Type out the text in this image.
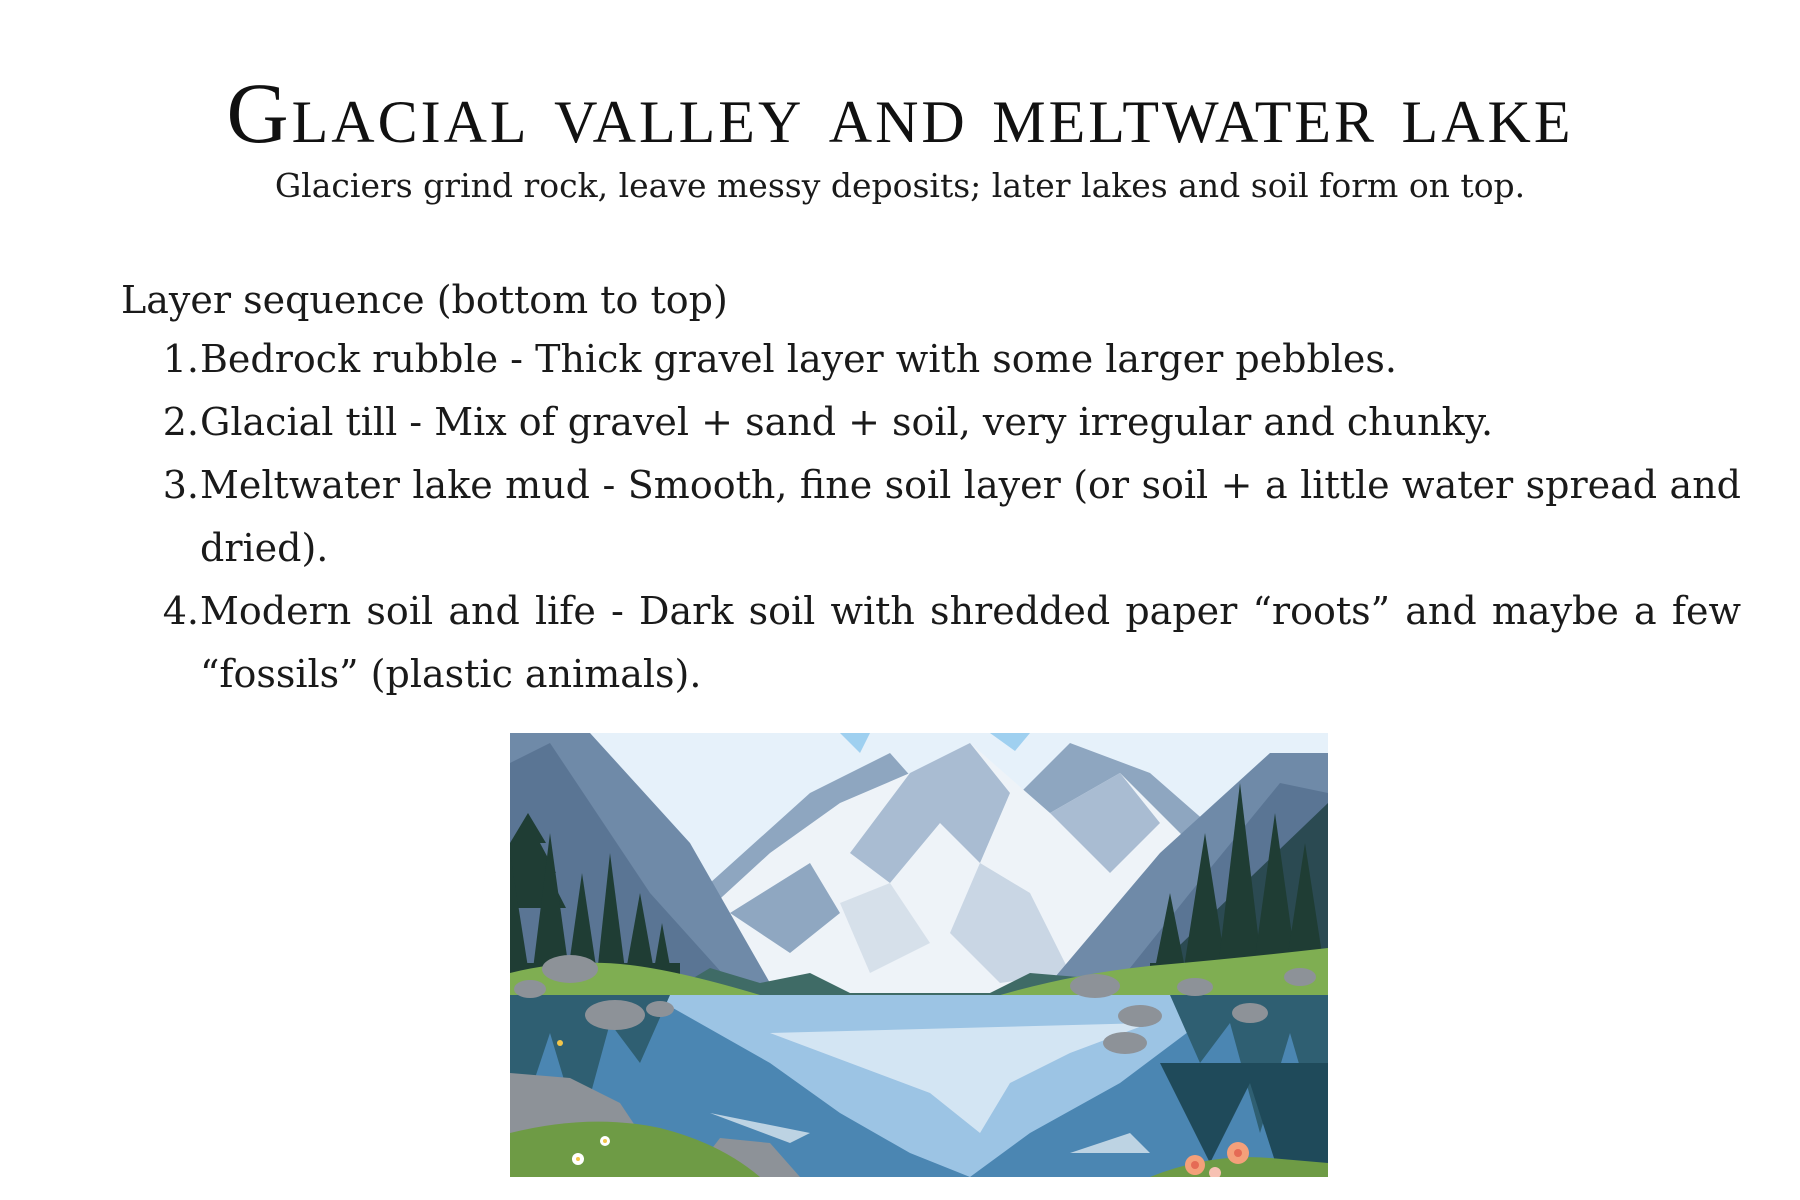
Glacial valley and meltwater lake

Glaciers grind rock, leave messy deposits; later lakes and soil form on top.

Layer sequence (bottom to top)
1. Bedrock rubble - Thick gravel layer with some larger pebbles.
2. Glacial till - Mix of gravel + sand + soil, very irregular and chunky.
3. Meltwater lake mud - Smooth, fine soil layer (or soil + a little water spread and dried).
4. Modern soil and life - Dark soil with shredded paper “roots” and maybe a few “fossils” (plastic animals).
